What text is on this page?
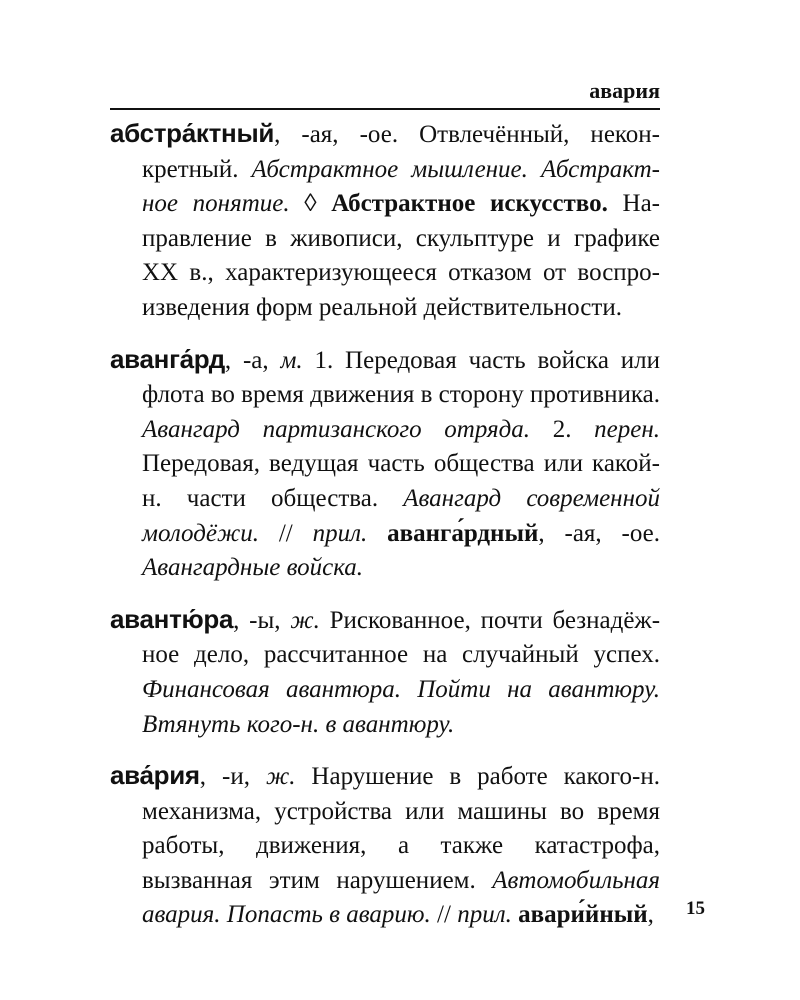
авария

абстра́ктный, -ая, -ое. Отвлечённый, неконкретный. Абстрактное мышление. Абстрактное понятие. ◊ Абстрактное искусство. Направление в живописи, скульптуре и графике XX в., характеризующееся отказом от воспроизведения форм реальной действительности.

аванга́рд, -а, м. 1. Передовая часть войска или флота во время движения в сторону противника. Авангард партизанского отряда. 2. перен. Передовая, ведущая часть общества или какой-н. части общества. Авангард современной молодёжи. // прил. аванга́рдный, -ая, -ое. Авангардные войска.

авантю́ра, -ы, ж. Рискованное, почти безнадёжное дело, рассчитанное на случайный успех. Финансовая авантюра. Пойти на авантюру. Втянуть кого-н. в авантюру.

ава́рия, -и, ж. Нарушение в работе какого-н. механизма, устройства или машины во время работы, движения, а также катастрофа, вызванная этим нарушением. Автомобильная авария. Попасть в аварию. // прил. авари́йный,	15
